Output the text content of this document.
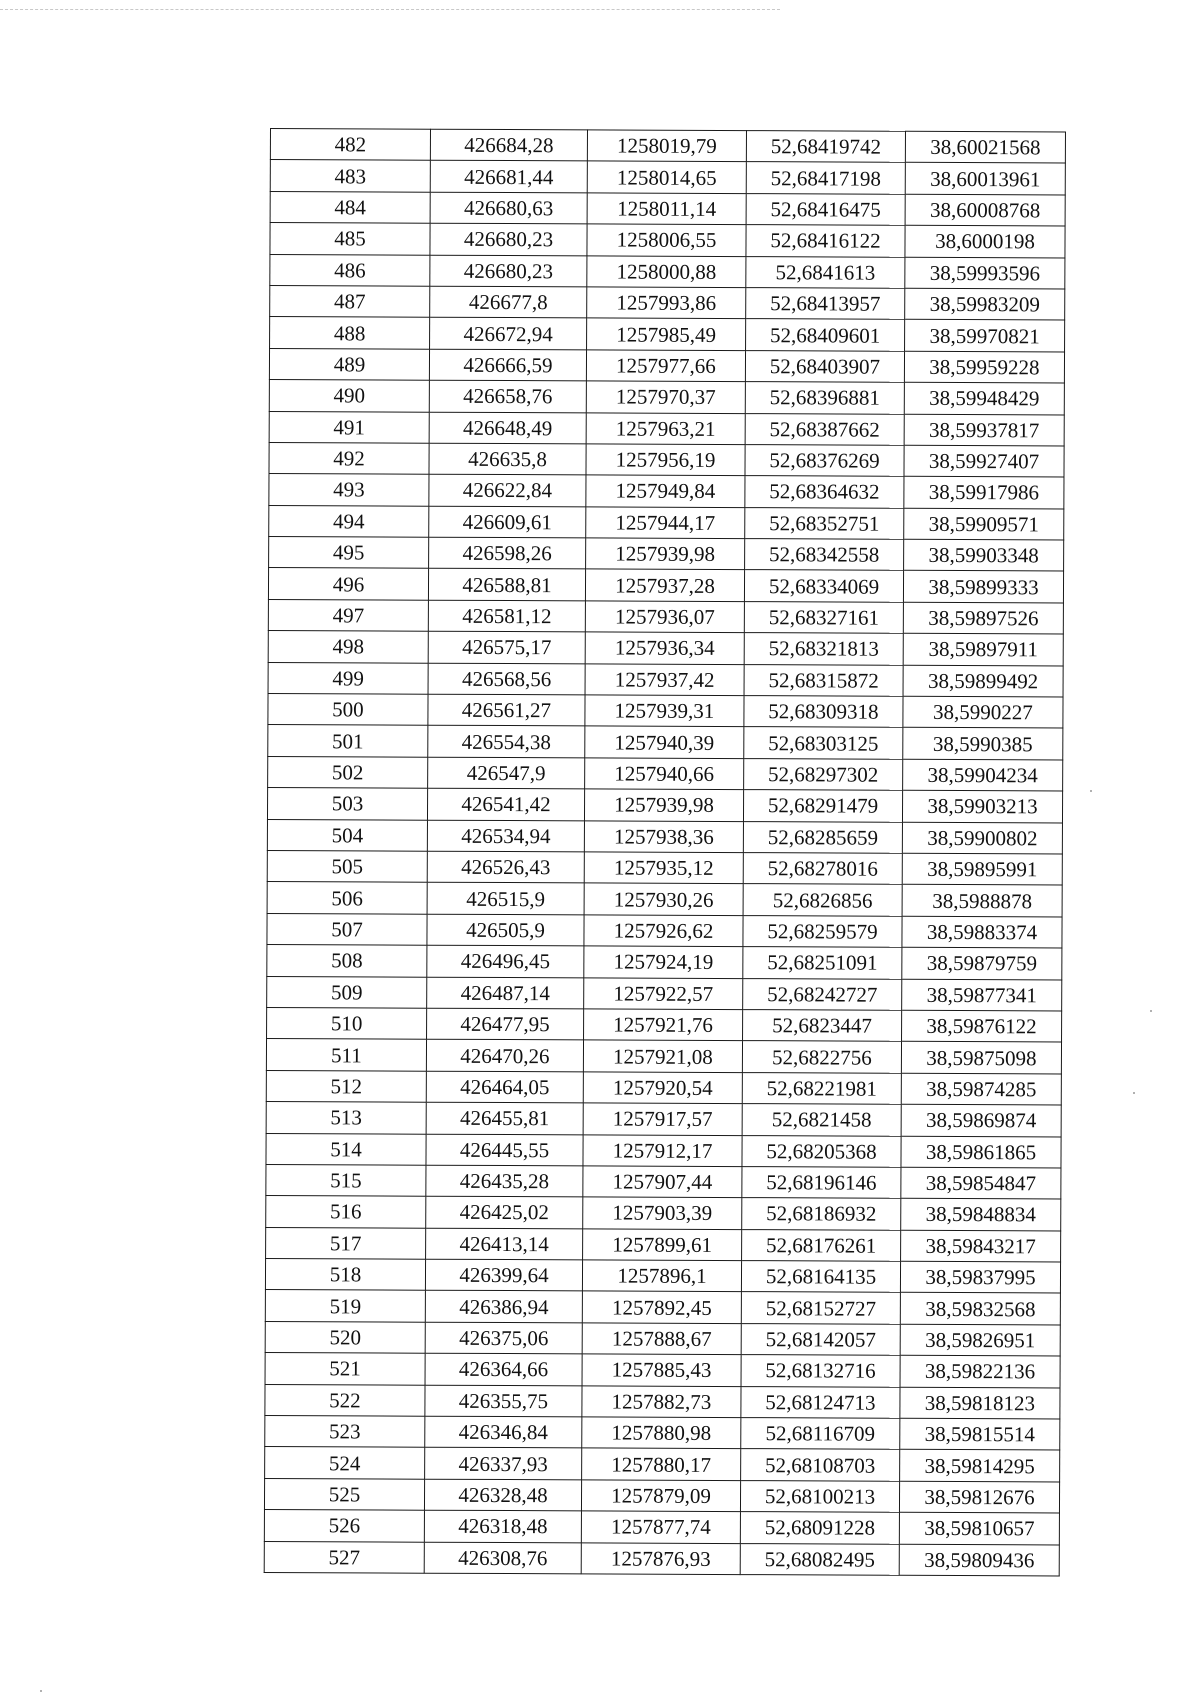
482	426684,28	1258019,79	52,68419742	38,60021568
483	426681,44	1258014,65	52,68417198	38,60013961
484	426680,63	1258011,14	52,68416475	38,60008768
485	426680,23	1258006,55	52,68416122	38,6000198
486	426680,23	1258000,88	52,6841613	38,59993596
487	426677,8	1257993,86	52,68413957	38,59983209
488	426672,94	1257985,49	52,68409601	38,59970821
489	426666,59	1257977,66	52,68403907	38,59959228
490	426658,76	1257970,37	52,68396881	38,59948429
491	426648,49	1257963,21	52,68387662	38,59937817
492	426635,8	1257956,19	52,68376269	38,59927407
493	426622,84	1257949,84	52,68364632	38,59917986
494	426609,61	1257944,17	52,68352751	38,59909571
495	426598,26	1257939,98	52,68342558	38,59903348
496	426588,81	1257937,28	52,68334069	38,59899333
497	426581,12	1257936,07	52,68327161	38,59897526
498	426575,17	1257936,34	52,68321813	38,59897911
499	426568,56	1257937,42	52,68315872	38,59899492
500	426561,27	1257939,31	52,68309318	38,5990227
501	426554,38	1257940,39	52,68303125	38,5990385
502	426547,9	1257940,66	52,68297302	38,59904234
503	426541,42	1257939,98	52,68291479	38,59903213
504	426534,94	1257938,36	52,68285659	38,59900802
505	426526,43	1257935,12	52,68278016	38,59895991
506	426515,9	1257930,26	52,6826856	38,5988878
507	426505,9	1257926,62	52,68259579	38,59883374
508	426496,45	1257924,19	52,68251091	38,59879759
509	426487,14	1257922,57	52,68242727	38,59877341
510	426477,95	1257921,76	52,6823447	38,59876122
511	426470,26	1257921,08	52,6822756	38,59875098
512	426464,05	1257920,54	52,68221981	38,59874285
513	426455,81	1257917,57	52,6821458	38,59869874
514	426445,55	1257912,17	52,68205368	38,59861865
515	426435,28	1257907,44	52,68196146	38,59854847
516	426425,02	1257903,39	52,68186932	38,59848834
517	426413,14	1257899,61	52,68176261	38,59843217
518	426399,64	1257896,1	52,68164135	38,59837995
519	426386,94	1257892,45	52,68152727	38,59832568
520	426375,06	1257888,67	52,68142057	38,59826951
521	426364,66	1257885,43	52,68132716	38,59822136
522	426355,75	1257882,73	52,68124713	38,59818123
523	426346,84	1257880,98	52,68116709	38,59815514
524	426337,93	1257880,17	52,68108703	38,59814295
525	426328,48	1257879,09	52,68100213	38,59812676
526	426318,48	1257877,74	52,68091228	38,59810657
527	426308,76	1257876,93	52,68082495	38,59809436
